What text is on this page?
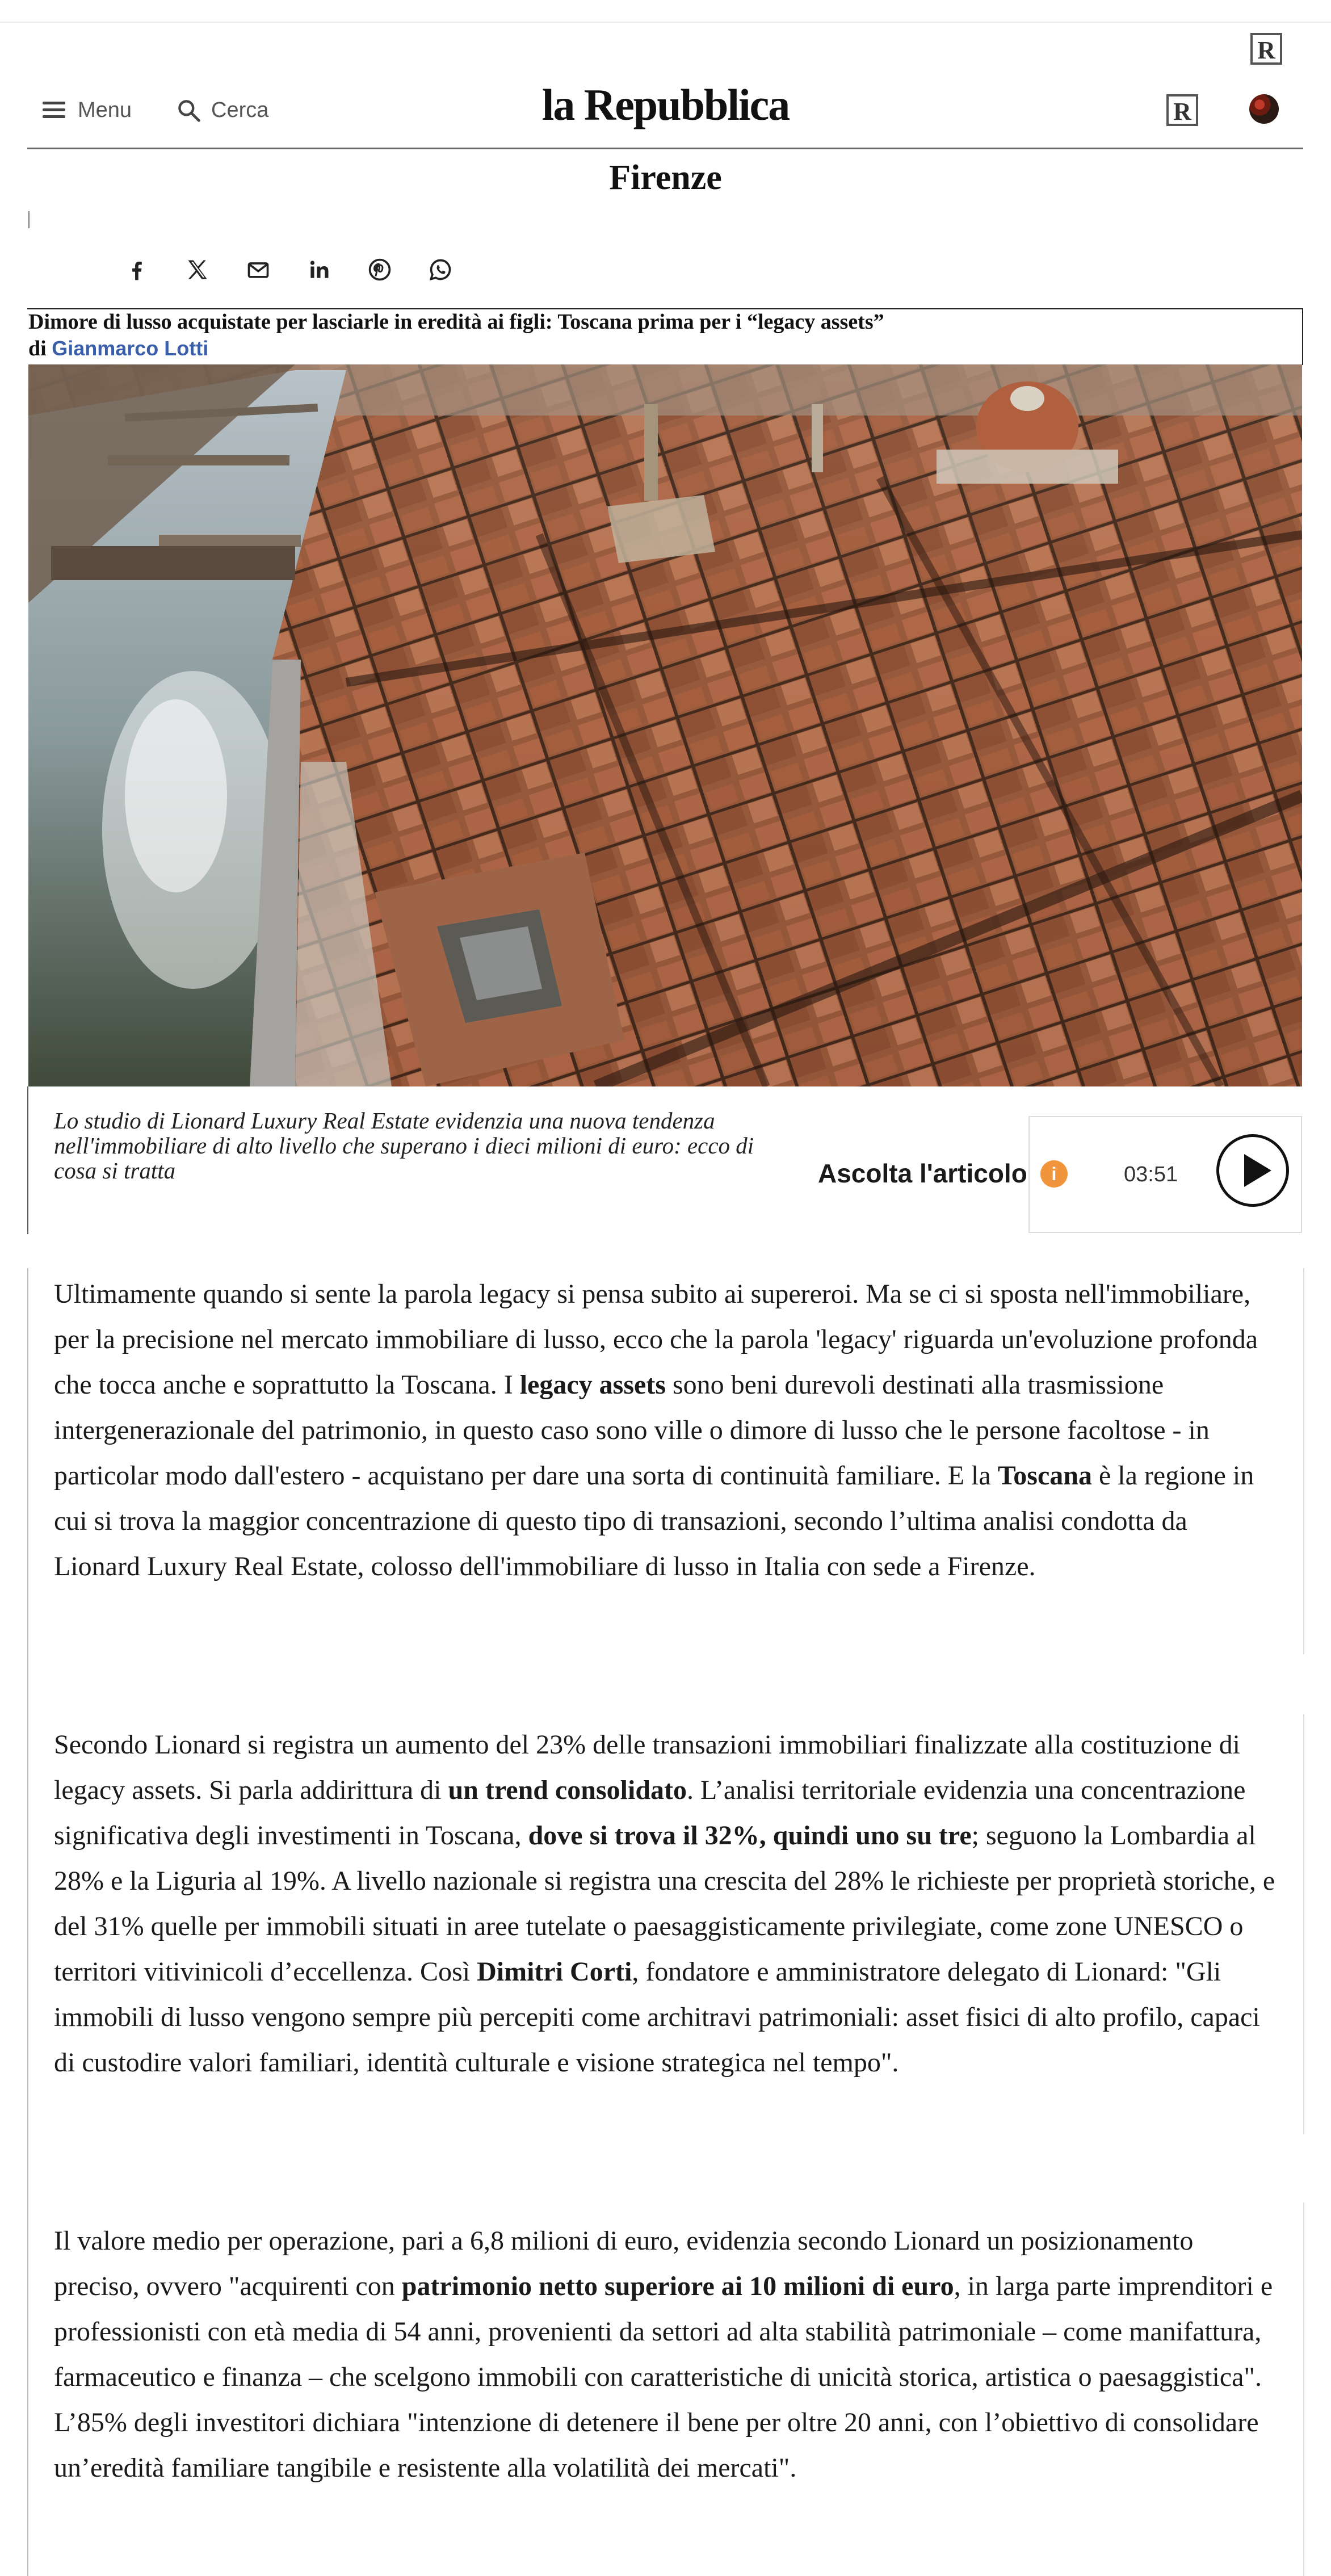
R
Menu	Cerca	la Repubblica	R
Firenze
Dimore di lusso acquistate per lasciarle in eredità ai figli: Toscana prima per i “legacy assets”
di Gianmarco Lotti
Lo studio di Lionard Luxury Real Estate evidenzia una nuova tendenza nell'immobiliare di alto livello che superano i dieci milioni di euro: ecco di cosa si tratta	Ascolta l'articolo	i	03:51
Ultimamente quando si sente la parola legacy si pensa subito ai supereroi. Ma se ci si sposta nell'immobiliare, per la precisione nel mercato immobiliare di lusso, ecco che la parola 'legacy' riguarda un'evoluzione profonda che tocca anche e soprattutto la Toscana. I legacy assets sono beni durevoli destinati alla trasmissione intergenerazionale del patrimonio, in questo caso sono ville o dimore di lusso che le persone facoltose - in particolar modo dall'estero - acquistano per dare una sorta di continuità familiare. E la Toscana è la regione in cui si trova la maggior concentrazione di questo tipo di transazioni, secondo l’ultima analisi condotta da Lionard Luxury Real Estate, colosso dell'immobiliare di lusso in Italia con sede a Firenze.
Secondo Lionard si registra un aumento del 23% delle transazioni immobiliari finalizzate alla costituzione di legacy assets. Si parla addirittura di un trend consolidato. L’analisi territoriale evidenzia una concentrazione significativa degli investimenti in Toscana, dove si trova il 32%, quindi uno su tre; seguono la Lombardia al 28% e la Liguria al 19%. A livello nazionale si registra una crescita del 28% le richieste per proprietà storiche, e del 31% quelle per immobili situati in aree tutelate o paesaggisticamente privilegiate, come zone UNESCO o territori vitivinicoli d’eccellenza. Così Dimitri Corti, fondatore e amministratore delegato di Lionard: "Gli immobili di lusso vengono sempre più percepiti come architravi patrimoniali: asset fisici di alto profilo, capaci di custodire valori familiari, identità culturale e visione strategica nel tempo".
Il valore medio per operazione, pari a 6,8 milioni di euro, evidenzia secondo Lionard un posizionamento preciso, ovvero "acquirenti con patrimonio netto superiore ai 10 milioni di euro, in larga parte imprenditori e professionisti con età media di 54 anni, provenienti da settori ad alta stabilità patrimoniale – come manifattura, farmaceutico e finanza – che scelgono immobili con caratteristiche di unicità storica, artistica o paesaggistica". L’85% degli investitori dichiara "intenzione di detenere il bene per oltre 20 anni, con l’obiettivo di consolidare un’eredità familiare tangibile e resistente alla volatilità dei mercati".
